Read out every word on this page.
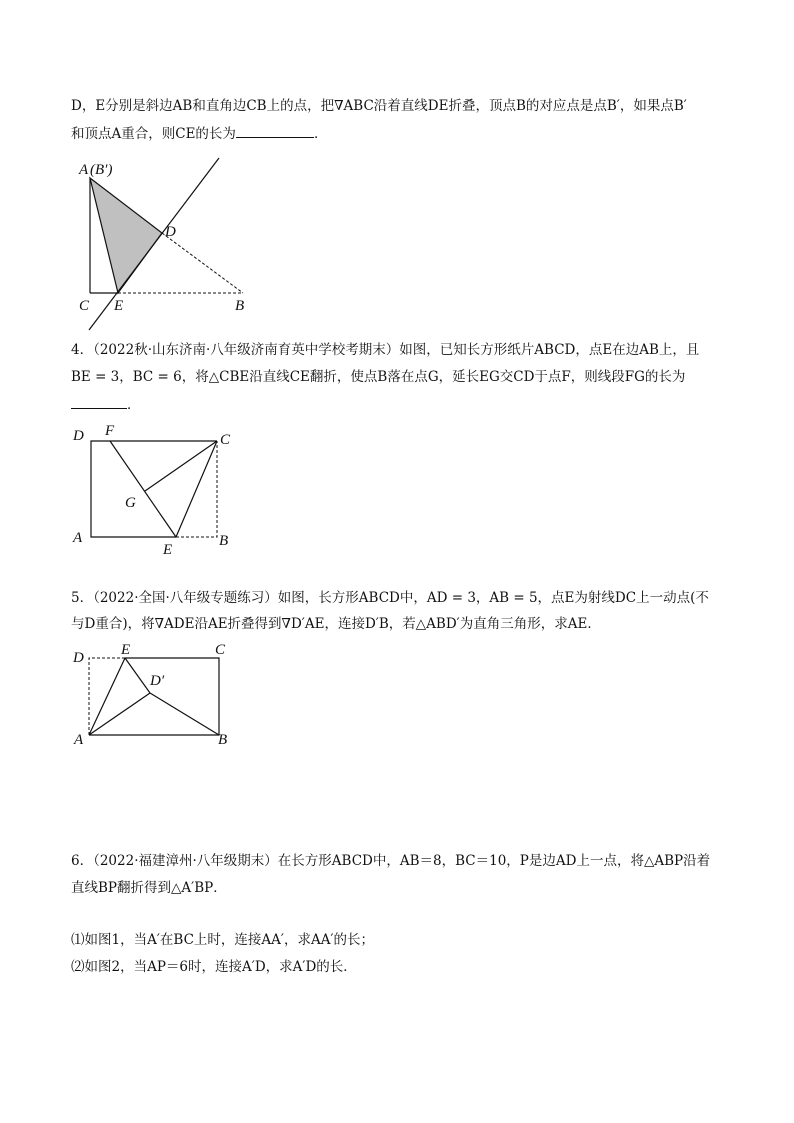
D，E分别是斜边AB和直角边CB上的点，把∇ABC沿着直线DE折叠，顶点B的对应点是点B′，如果点B′
和顶点A重合，则CE的长为	．
A (B′)
D
C E	B
4．（2022秋·山东济南·八年级济南育英中学校考期末）如图，已知长方形纸片ABCD，点E在边AB上，且
BE = 3，BC = 6，将△CBE沿直线CE翻折，使点B落在点G，延长EG交CD于点F，则线段FG的长为
．
D F
C
G
A
E
B
5．（2022·全国·八年级专题练习）如图，长方形ABCD中，AD = 3，AB = 5，点E为射线DC上一动点(不
与D重合)，将∇ADE沿AE折叠得到∇D′AE，连接D′B，若△ABD′为直角三角形，求AE．
D E	C
D′
A	B
6．（2022·福建漳州·八年级期末）在长方形ABCD中，AB＝8，BC＝10，P是边AD上一点，将△ABP沿着
直线BP翻折得到△A′BP．
⑴如图1，当A′在BC上时，连接AA′，求AA′的长；
⑵如图2，当AP＝6时，连接A′D，求A′D的长．
